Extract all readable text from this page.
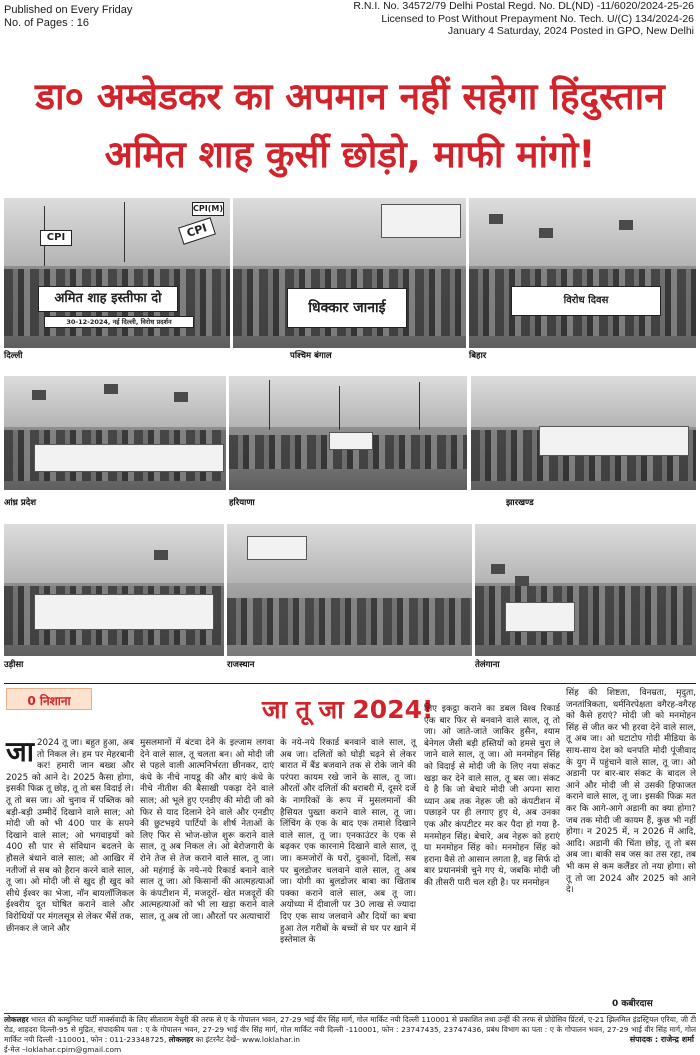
Published on Every Friday
No. of Pages : 16
R.N.I. No. 34572/79 Delhi Postal Regd. No. DL(ND) -11/6020/2024-25-26
Licensed to Post Without Prepayment No. Tech. U/(C) 134/2024-26
January 4 Saturday, 2024 Posted in GPO, New Delhi
डा० अम्बेडकर का अपमान नहीं सहेगा हिंदुस्तान
अमित शाह कुर्सी छोड़ो, माफी मांगो!
CPI	CPI
CPI(M)
अमित शाह इस्तीफा दो
30-12-2024, नई दिल्ली, विरोध प्रदर्शन
दिल्ली
धिक्कार जानाई
पश्चिम बंगाल
विरोध दिवस
बिहार
आंध्र प्रदेश	हरियाणा	झारखण्ड
उड़ीसा	राजस्थान	तेलंगाना
0 निशाना	जा तू जा 2024!
जा 2024 तू जा। बहुत हुआ, अब तो निकल ले। हम पर मेहरबानी कर! हमारी जान बख्श और 2025 को आने दे। 2025 कैसा होगा, इसकी फिक्र तू छोड़, तू तो बस विदाई ले। तू तो बस जा। ओ चुनाव में पब्लिक को बड़ी-बड़ी उम्मीदें दिखाने वाले साल; ओ मोदी जी को भी 400 पार के सपने दिखाने वाले साल; ओ भगवाइयों को 400 सौ पार से संविधान बदलने के हौसले बंधाने वाले साल; ओ आखिर में नतीजों से सब को हैरान करने वाले साल, तू जा। ओ मोदी जी से खुद ही खुद को सीधे ईश्वर का भेजा, नॉन बायलॉजिकल ईश्वरीय दूत घोषित कराने वाले और विरोधियों पर मंगलसूत्र से लेकर भैंसें तक, छीनकर ले जाने और
मुसलमानों में बंटवा देने के इल्जाम लगवा देने वाले साल, तू चलता बन। ओ मोदी जी से पहले वाली आत्मनिर्भरता छीनकर, दाएं कंधे के नीचे नायडू की और बाएं कंधे के नीचे नीतीश की बैसाखी पकड़ा देने वाले साल; ओ भूले हुए एनडीए की मोदी जी को फिर से याद दिलाने देने वाले और एनडीए की छुटभइये पार्टियों के शीर्ष नेताओं के लिए फिर से भोज-छोज शुरू कराने वाले साल, तू अब निकल ले। ओ बेरोजगारी के रोने तेज से तेज कराने वाले साल, तू जा। ओ महंगाई के नये-नये रिकार्ड बनाने वाले साल तू जा। ओ किसानों की आत्महत्याओं के कंपटीशन में, मजदूरों- खेत मजदूरों की आत्महत्याओं को भी ला खड़ा कराने वाले साल, तू अब तो जा। औरतों पर अत्याचारों
के नये-नये रिकार्ड बनवाने वाले साल, तू अब जा। दलितों को घोड़ी चढ़ने से लेकर बारात में बैंड बजवाने तक से रोके जाने की परंपरा कायम रखे जाने के साल, तू जा। औरतों और दलितों की बराबरी में, दूसरे दर्जे के नागरिकों के रूप में मुसलमानों की हैसियत पुख्ता कराने वाले साल, तू जा। लिंचिंग के एक के बाद एक तमाशे दिखाने वाले साल, तू जा। एनकाउंटर के एक से बढ़कर एक कारनामे दिखाने वाले साल, तू जा। कमजोरों के घरों, दुकानों, दिलों, सब पर बुलडोजर चलवाने वाले साल, तू अब जा। योगी का बुलडोजर बाबा का खिताब पक्का कराने वाले साल, अब तू जा। अयोध्या में दीवाली पर 30 लाख से ज्यादा दिए एक साथ जलवाने और दियों का बचा हुआ तेल गरीबों के बच्चों से घर पर खाने में इस्तेमाल के
लिए इकट्ठा कराने का डबल विश्व रिकार्ड एक बार फिर से बनवाने वाले साल, तू तो जा। ओ जाते-जाते जाकिर हुसैन, श्याम बेनेगल जैसी बड़ी हस्तियों को हमसे चुरा ले जाने वाले साल, तू जा। ओ मनमोहन सिंह को विदाई से मोदी जी के लिए नया संकट खड़ा कर देने वाले साल, तू बस जा। संकट ये है कि जो बेचारे मोदी जी अपना सारा ध्यान अब तक नेहरू जी को कंपटीशन में पछाड़ने पर ही लगाए हुए थे, अब उनका एक और कंपटीटर मर कर पैदा हो गया है-मनमोहन सिंह। बेचारे, अब नेहरू को हराएं या मनमोहन सिंह को। मनमोहन सिंह को हराना वैसे तो आसान लगता है, वह सिर्फ दो बार प्रधानमंत्री चुने गए थे, जबकि मोदी जी की तीसरी पारी चल रही है। पर मनमोहन
सिंह की शिष्टता, विनम्रता, मृदुता, जनतांत्रिकता, धर्मनिरपेक्षता वगैरह-वगैरह को कैसे हराएं? मोदी जी को मनमोहन सिंह से जीत कर भी हरवा देने वाले साल, तू अब जा। ओ घटाटोप गोदी मीडिया के साथ-साथ देश को धनपति मोदी पूंजीवाद के युग में पहुंचाने वाले साल, तू जा। ओ अडानी पर बार-बार संकट के बादल ले आने और मोदी जी से उसकी हिफाजत कराने वाले साल, तू जा। इसकी फिक्र मत कर कि आगे-आगे अडानी का क्या होगा? जब तक मोदी जी कायम हैं, कुछ भी नहीं होगा। न 2025 में, न 2026 में आदि, आदि। अडानी की चिंता छोड़, तू तो बस अब जा। बाकी सब जस का तस रहा, तब भी कम से कम कलैंडर तो नया होगा। सो तू तो जा 2024 और 2025 को आने दे।
0 कबीरदास
लोकलहर भारत की कम्युनिस्ट पार्टी मार्क्सवादी के लिए सीताराम येचुरी की तरफ से ए के गोपालन भवन, 27-29 भाई वीर सिंह मार्ग, गोल मार्किट नयी दिल्ली 110001 से प्रकाशित तथा उन्हीं की तरफ से प्रोग्रेसिव प्रिंटर्स, ए-21 झिलमिल इंडस्ट्रियल एरिया, जी टी रोड, शाहदरा दिल्ली-95 से मुद्रित, संपादकीय पता : ए के गोपालन भवन, 27-29 भाई वीर सिंह मार्ग, गोल मार्किट नयी दिल्ली -110001, फोन : 23747435, 23747436, प्रबंध विभाग का पता : ए के गोपालन भवन, 27-29 भाई वीर सिंह मार्ग, गोल मार्किट नयी दिल्ली -110001, फोन : 011-23348725, लोकलहर का इंटरनैट देखें– www.loklahar.in
ई-मेल –loklahar.cpim@gmail.com
संपादक : राजेन्द्र शर्मा
